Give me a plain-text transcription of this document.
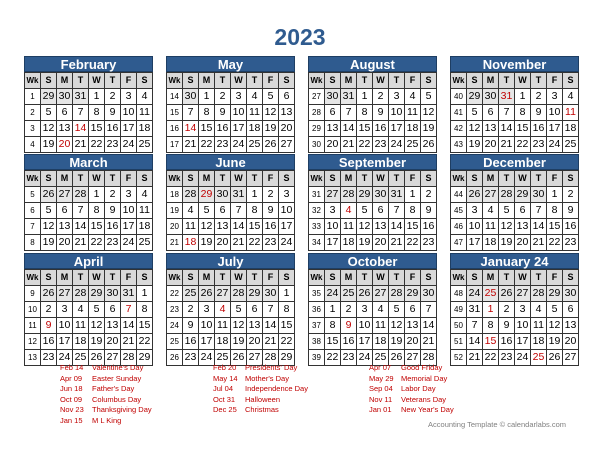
2023
February
Wk	S	M	T	W	T	F	S
1	29	30	31	1	2	3	4
2	5	6	7	8	9	10	11
3	12	13	14	15	16	17	18
4	19	20	21	22	23	24	25
May
Wk	S	M	T	W	T	F	S
14	30	1	2	3	4	5	6
15	7	8	9	10	11	12	13
16	14	15	16	17	18	19	20
17	21	22	23	24	25	26	27
August
Wk	S	M	T	W	T	F	S
27	30	31	1	2	3	4	5
28	6	7	8	9	10	11	12
29	13	14	15	16	17	18	19
30	20	21	22	23	24	25	26
November
Wk	S	M	T	W	T	F	S
40	29	30	31	1	2	3	4
41	5	6	7	8	9	10	11
42	12	13	14	15	16	17	18
43	19	20	21	22	23	24	25
March
Wk	S	M	T	W	T	F	S
5	26	27	28	1	2	3	4
6	5	6	7	8	9	10	11
7	12	13	14	15	16	17	18
8	19	20	21	22	23	24	25
June
Wk	S	M	T	W	T	F	S
18	28	29	30	31	1	2	3
19	4	5	6	7	8	9	10
20	11	12	13	14	15	16	17
21	18	19	20	21	22	23	24
September
Wk	S	M	T	W	T	F	S
31	27	28	29	30	31	1	2
32	3	4	5	6	7	8	9
33	10	11	12	13	14	15	16
34	17	18	19	20	21	22	23
December
Wk	S	M	T	W	T	F	S
44	26	27	28	29	30	1	2
45	3	4	5	6	7	8	9
46	10	11	12	13	14	15	16
47	17	18	19	20	21	22	23
April
Wk	S	M	T	W	T	F	S
9	26	27	28	29	30	31	1
10	2	3	4	5	6	7	8
11	9	10	11	12	13	14	15
12	16	17	18	19	20	21	22
13	23	24	25	26	27	28	29
July
Wk	S	M	T	W	T	F	S
22	25	26	27	28	29	30	1
23	2	3	4	5	6	7	8
24	9	10	11	12	13	14	15
25	16	17	18	19	20	21	22
26	23	24	25	26	27	28	29
October
Wk	S	M	T	W	T	F	S
35	24	25	26	27	28	29	30
36	1	2	3	4	5	6	7
37	8	9	10	11	12	13	14
38	15	16	17	18	19	20	21
39	22	23	24	25	26	27	28
January 24
Wk	S	M	T	W	T	F	S
48	24	25	26	27	28	29	30
49	31	1	2	3	4	5	6
50	7	8	9	10	11	12	13
51	14	15	16	17	18	19	20
52	21	22	23	24	25	26	27
Feb 14 Valentine's Day
Apr 09 Easter Sunday
Jun 18 Father's Day
Oct 09 Columbus Day
Nov 23 Thanksgiving Day
Jan 15 M L King
Feb 20 Presidents' Day
May 14 Mother's Day
Jul 04 Independence Day
Oct 31 Halloween
Dec 25 Christmas
Apr 07 Good Friday
May 29 Memorial Day
Sep 04 Labor Day
Nov 11 Veterans Day
Jan 01 New Year's Day
Accounting Template © calendarlabs.com
